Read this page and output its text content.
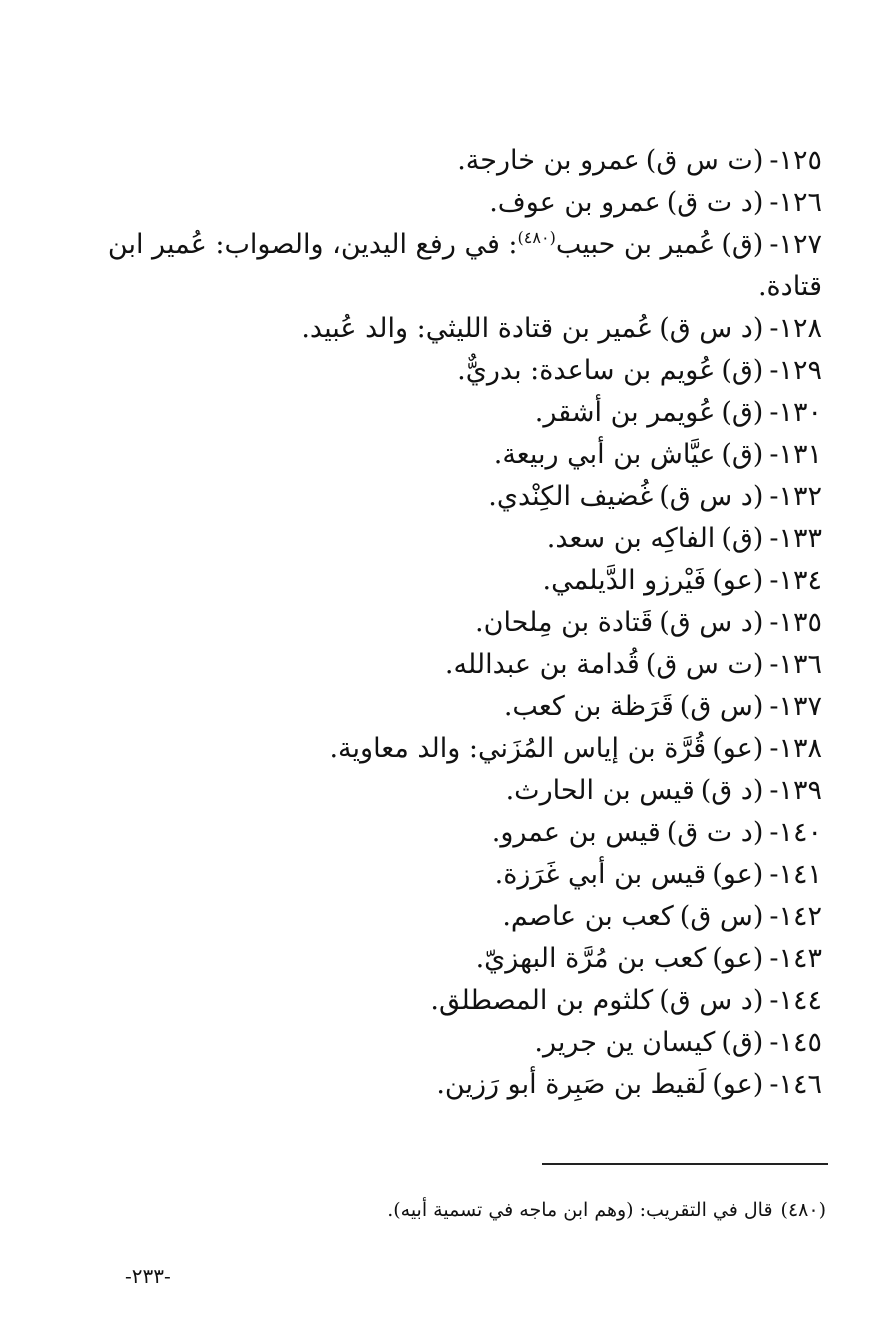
١٢٥-(ت س ق)عمرو بن خارجة.
١٢٦-(د ت ق)عمرو بن عوف.
١٢٧-(ق)عُمير بن حبيب$^{(٤٨٠)}$: في رفع اليدين، والصواب: عُمير ابن قتادة.
١٢٨-(د س ق)عُمير بن قتادة الليثي: والد عُبيد.
١٢٩-(ق)عُويم بن ساعدة: بدريٌّ.
١٣٠-(ق)عُويمر بن أشقر.
١٣١-(ق)عيَّاش بن أبي ربيعة.
١٣٢-(د س ق)غُضيف الكِنْدي.
١٣٣-(ق)الفاكِه بن سعد.
١٣٤-(عو)فَيْرزو الدَّيلمي.
١٣٥-(د س ق)قَتادة بن مِلحان.
١٣٦-(ت س ق)قُدامة بن عبدالله.
١٣٧-(س ق)قَرَظة بن كعب.
١٣٨-(عو)قُرَّة بن إياس المُزَني: والد معاوية.
١٣٩-(د ق)قيس بن الحارث.
١٤٠-(د ت ق)قيس بن عمرو.
١٤١-(عو)قيس بن أبي غَرَزة.
١٤٢-(س ق)كعب بن عاصم.
١٤٣-(عو)كعب بن مُرَّة البهزيّ.
١٤٤-(د س ق)كلثوم بن المصطلق.
١٤٥-(ق)كيسان ين جرير.
١٤٦-(عو)لَقيط بن صَبِرة أبو رَزين.
(٤٨٠)قال في التقريب: (وهم ابن ماجه في تسمية أبيه).
-٢٣٣-
